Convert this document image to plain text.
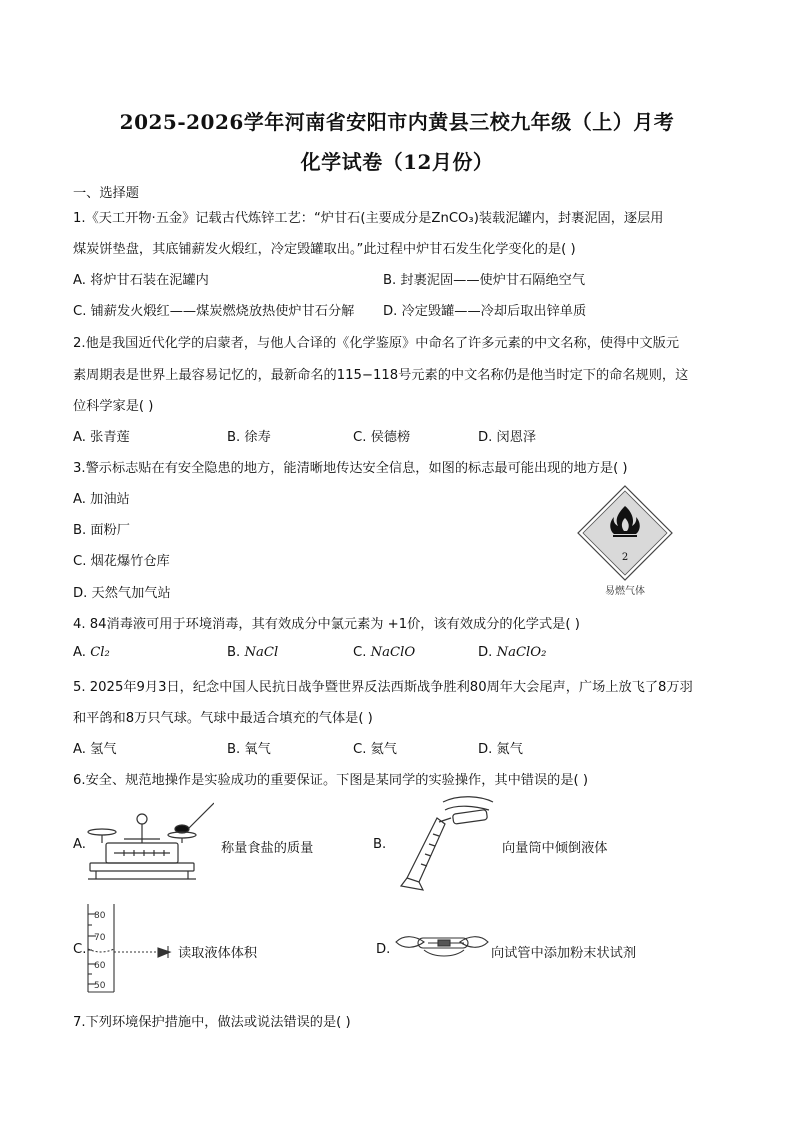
2025-2026学年河南省安阳市内黄县三校九年级（上）月考
化学试卷（12月份）
一、选择题
1.《天工开物·五金》记载古代炼锌工艺：“炉甘石(主要成分是ZnCO₃)装载泥罐内，封裹泥固，逐层用
煤炭饼垫盘，其底铺薪发火煅红，冷定毁罐取出。”此过程中炉甘石发生化学变化的是( )
A. 将炉甘石装在泥罐内	B. 封裹泥固——使炉甘石隔绝空气
C. 铺薪发火煅红——煤炭燃烧放热使炉甘石分解 D. 冷定毁罐——冷却后取出锌单质
2.他是我国近代化学的启蒙者，与他人合译的《化学鉴原》中命名了许多元素的中文名称，使得中文版元
素周期表是世界上最容易记忆的，最新命名的115−118号元素的中文名称仍是他当时定下的命名规则，这
位科学家是( )
A. 张青莲	B. 徐寿	C. 侯德榜	D. 闵恩泽
3.警示标志贴在有安全隐患的地方，能清晰地传达安全信息，如图的标志最可能出现的地方是( )
A. 加油站
B. 面粉厂
C. 烟花爆竹仓库
D. 天然气加气站
2
易燃气体
4. 84消毒液可用于环境消毒，其有效成分中氯元素为 +1价，该有效成分的化学式是( )
A. Cl₂	B. NaCl	C. NaClO	D. NaClO₂
5. 2025年9月3日，纪念中国人民抗日战争暨世界反法西斯战争胜利80周年大会尾声，广场上放飞了8万羽
和平鸽和8万只气球。气球中最适合填充的气体是( )
A. 氢气	B. 氧气	C. 氦气	D. 氮气
6.安全、规范地操作是实验成功的重要保证。下图是某同学的实验操作，其中错误的是( )
A.	称量食盐的质量	B.	向量筒中倾倒液体
C.
80
70
60
50
读取液体体积	D.	向试管中添加粉末状试剂
7.下列环境保护措施中，做法或说法错误的是( )
